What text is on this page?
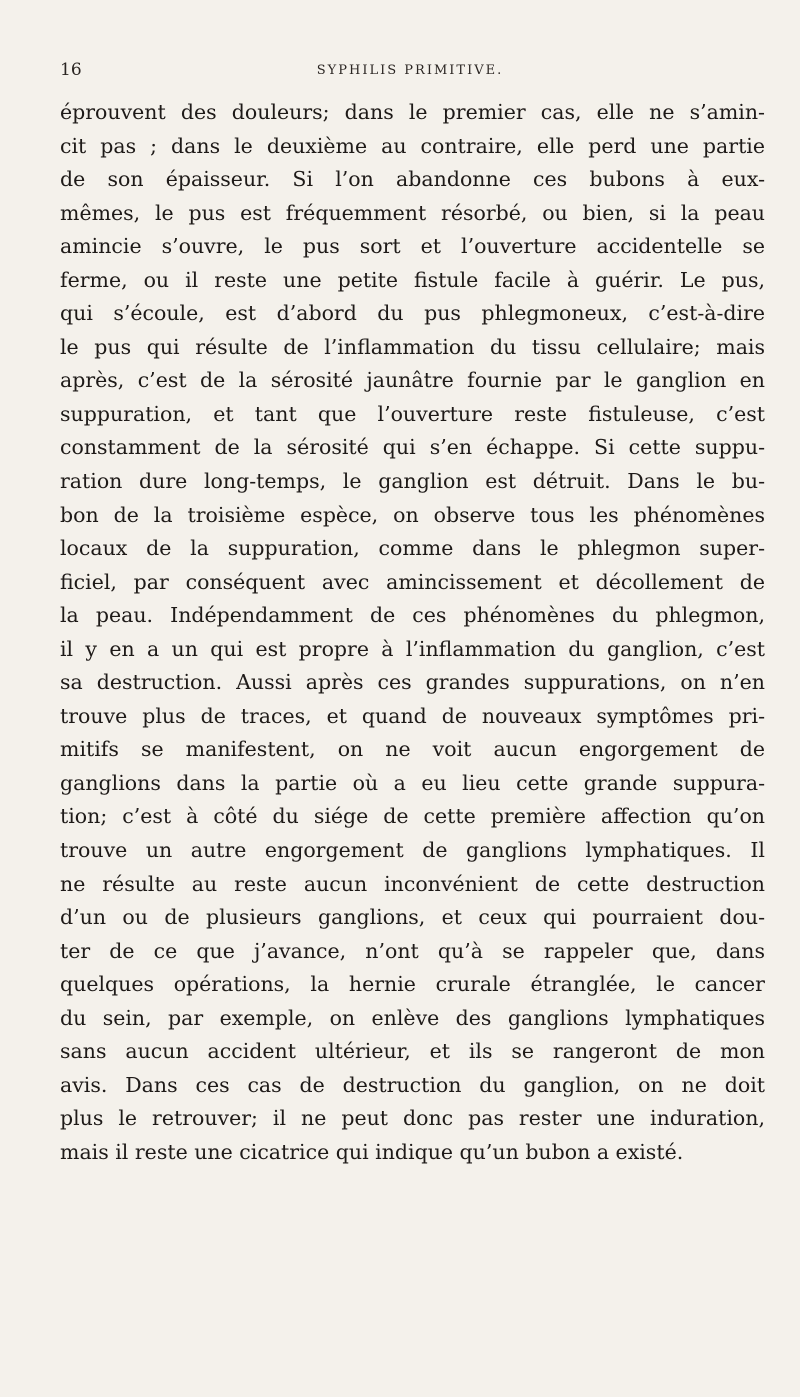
16	SYPHILIS PRIMITIVE.
éprouvent des douleurs; dans le premier cas, elle ne s’amin-
cit pas ; dans le deuxième au contraire, elle perd une partie
de son épaisseur. Si l’on abandonne ces bubons à eux-
mêmes, le pus est fréquemment résorbé, ou bien, si la peau
amincie s’ouvre, le pus sort et l’ouverture accidentelle se
ferme, ou il reste une petite fistule facile à guérir. Le pus,
qui s’écoule, est d’abord du pus phlegmoneux, c’est-à-dire
le pus qui résulte de l’inflammation du tissu cellulaire; mais
après, c’est de la sérosité jaunâtre fournie par le ganglion en
suppuration, et tant que l’ouverture reste fistuleuse, c’est
constamment de la sérosité qui s’en échappe. Si cette suppu-
ration dure long-temps, le ganglion est détruit. Dans le bu-
bon de la troisième espèce, on observe tous les phénomènes
locaux de la suppuration, comme dans le phlegmon super-
ficiel, par conséquent avec amincissement et décollement de
la peau. Indépendamment de ces phénomènes du phlegmon,
il y en a un qui est propre à l’inflammation du ganglion, c’est
sa destruction. Aussi après ces grandes suppurations, on n’en
trouve plus de traces, et quand de nouveaux symptômes pri-
mitifs se manifestent, on ne voit aucun engorgement de
ganglions dans la partie où a eu lieu cette grande suppura-
tion; c’est à côté du siége de cette première affection qu’on
trouve un autre engorgement de ganglions lymphatiques. Il
ne résulte au reste aucun inconvénient de cette destruction
d’un ou de plusieurs ganglions, et ceux qui pourraient dou-
ter de ce que j’avance, n’ont qu’à se rappeler que, dans
quelques opérations, la hernie crurale étranglée, le cancer
du sein, par exemple, on enlève des ganglions lymphatiques
sans aucun accident ultérieur, et ils se rangeront de mon
avis. Dans ces cas de destruction du ganglion, on ne doit
plus le retrouver; il ne peut donc pas rester une induration,
mais il reste une cicatrice qui indique qu’un bubon a existé.
